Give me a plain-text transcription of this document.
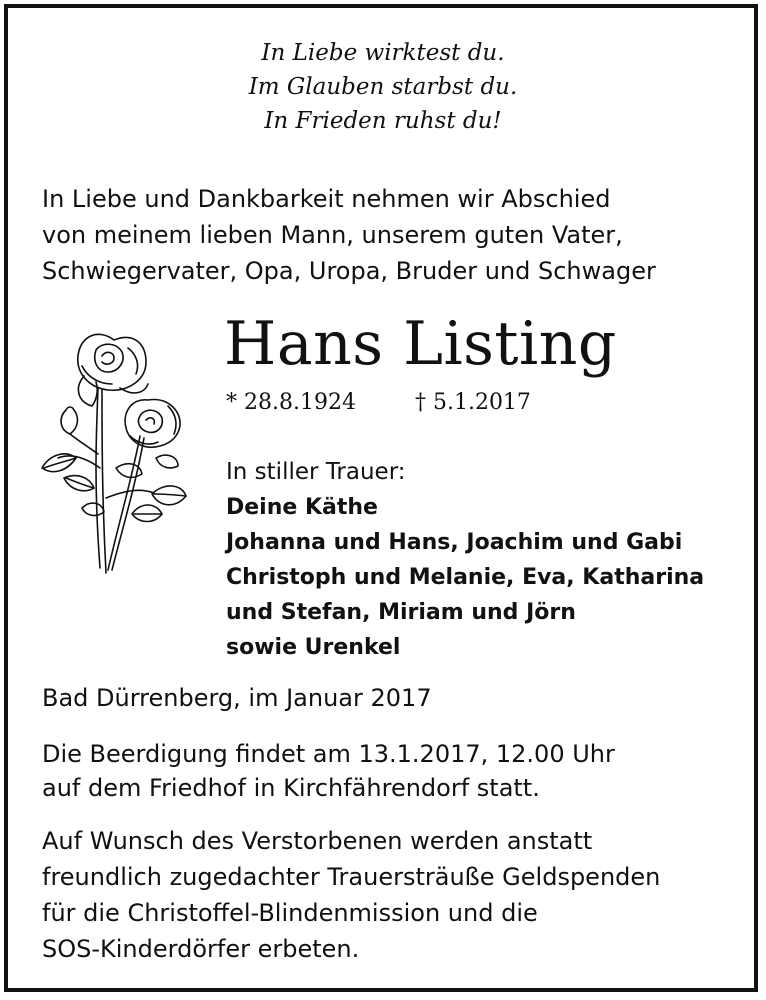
In Liebe wirktest du.
Im Glauben starbst du.
In Frieden ruhst du!
In Liebe und Dankbarkeit nehmen wir Abschied
von meinem lieben Mann, unserem guten Vater,
Schwiegervater, Opa, Uropa, Bruder und Schwager
Hans Listing
* 28.8.1924	† 5.1.2017
In stiller Trauer:
Deine Käthe
Johanna und Hans, Joachim und Gabi
Christoph und Melanie, Eva, Katharina
und Stefan, Miriam und Jörn
sowie Urenkel
Bad Dürrenberg, im Januar 2017
Die Beerdigung findet am 13.1.2017, 12.00 Uhr
auf dem Friedhof in Kirchfährendorf statt.
Auf Wunsch des Verstorbenen werden anstatt
freundlich zugedachter Trauersträuße Geldspenden
für die Christoffel-Blindenmission und die
SOS-Kinderdörfer erbeten.
